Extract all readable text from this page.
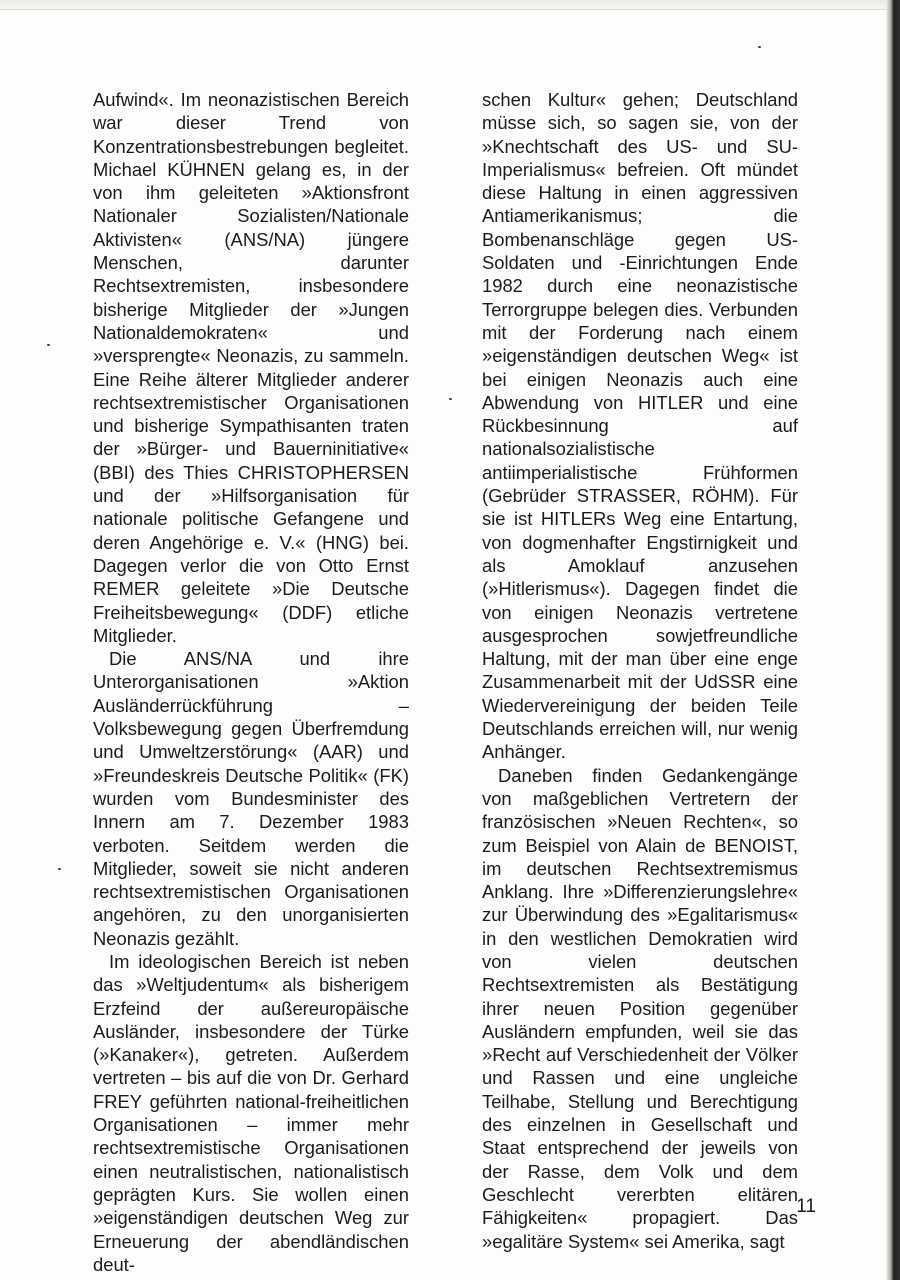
Aufwind«. Im neonazistischen Bereich war dieser Trend von Konzentrationsbestrebungen begleitet. Michael KÜHNEN gelang es, in der von ihm geleiteten »Aktionsfront Nationaler Sozialisten/Nationale Aktivisten« (ANS/NA) jüngere Menschen, darunter Rechtsextremisten, insbesondere bisherige Mitglieder der »Jungen Nationaldemokraten« und »versprengte« Neonazis, zu sammeln. Eine Reihe älterer Mitglieder anderer rechtsextremistischer Organisationen und bisherige Sympathisanten traten der »Bürger- und Bauerninitiative« (BBI) des Thies CHRISTOPHERSEN und der »Hilfsorganisation für nationale politische Gefangene und deren Angehörige e. V.« (HNG) bei. Dagegen verlor die von Otto Ernst REMER geleitete »Die Deutsche Freiheitsbewegung« (DDF) etliche Mitglieder.

Die ANS/NA und ihre Unterorganisationen »Aktion Ausländerrückführung – Volksbewegung gegen Überfremdung und Umweltzerstörung« (AAR) und »Freundeskreis Deutsche Politik« (FK) wurden vom Bundesminister des Innern am 7. Dezember 1983 verboten. Seitdem werden die Mitglieder, soweit sie nicht anderen rechtsextremistischen Organisationen angehören, zu den unorganisierten Neonazis gezählt.

Im ideologischen Bereich ist neben das »Weltjudentum« als bisherigem Erzfeind der außereuropäische Ausländer, insbesondere der Türke (»Kanaker«), getreten. Außerdem vertreten – bis auf die von Dr. Gerhard FREY geführten national-freiheitlichen Organisationen – immer mehr rechtsextremistische Organisationen einen neutralistischen, nationalistisch geprägten Kurs. Sie wollen einen »eigenständigen deutschen Weg zur Erneuerung der abendländischen deut-

schen Kultur« gehen; Deutschland müsse sich, so sagen sie, von der »Knechtschaft des US- und SU-Imperialismus« befreien. Oft mündet diese Haltung in einen aggressiven Antiamerikanismus; die Bombenanschläge gegen US-Soldaten und -Einrichtungen Ende 1982 durch eine neonazistische Terrorgruppe belegen dies. Verbunden mit der Forderung nach einem »eigenständigen deutschen Weg« ist bei einigen Neonazis auch eine Abwendung von HITLER und eine Rückbesinnung auf nationalsozialistische antiimperialistische Frühformen (Gebrüder STRASSER, RÖHM). Für sie ist HITLERs Weg eine Entartung, von dogmenhafter Engstirnigkeit und als Amoklauf anzusehen (»Hitlerismus«). Dagegen findet die von einigen Neonazis vertretene ausgesprochen sowjetfreundliche Haltung, mit der man über eine enge Zusammenarbeit mit der UdSSR eine Wiedervereinigung der beiden Teile Deutschlands erreichen will, nur wenig Anhänger.

Daneben finden Gedankengänge von maßgeblichen Vertretern der französischen »Neuen Rechten«, so zum Beispiel von Alain de BENOIST, im deutschen Rechtsextremismus Anklang. Ihre »Differenzierungslehre« zur Überwindung des »Egalitarismus« in den westlichen Demokratien wird von vielen deutschen Rechtsextremisten als Bestätigung ihrer neuen Position gegenüber Ausländern empfunden, weil sie das »Recht auf Verschiedenheit der Völker und Rassen und eine ungleiche Teilhabe, Stellung und Berechtigung des einzelnen in Gesellschaft und Staat entsprechend der jeweils von der Rasse, dem Volk und dem Geschlecht vererbten elitären Fähigkeiten« propagiert. Das »egalitäre System« sei Amerika, sagt

11
